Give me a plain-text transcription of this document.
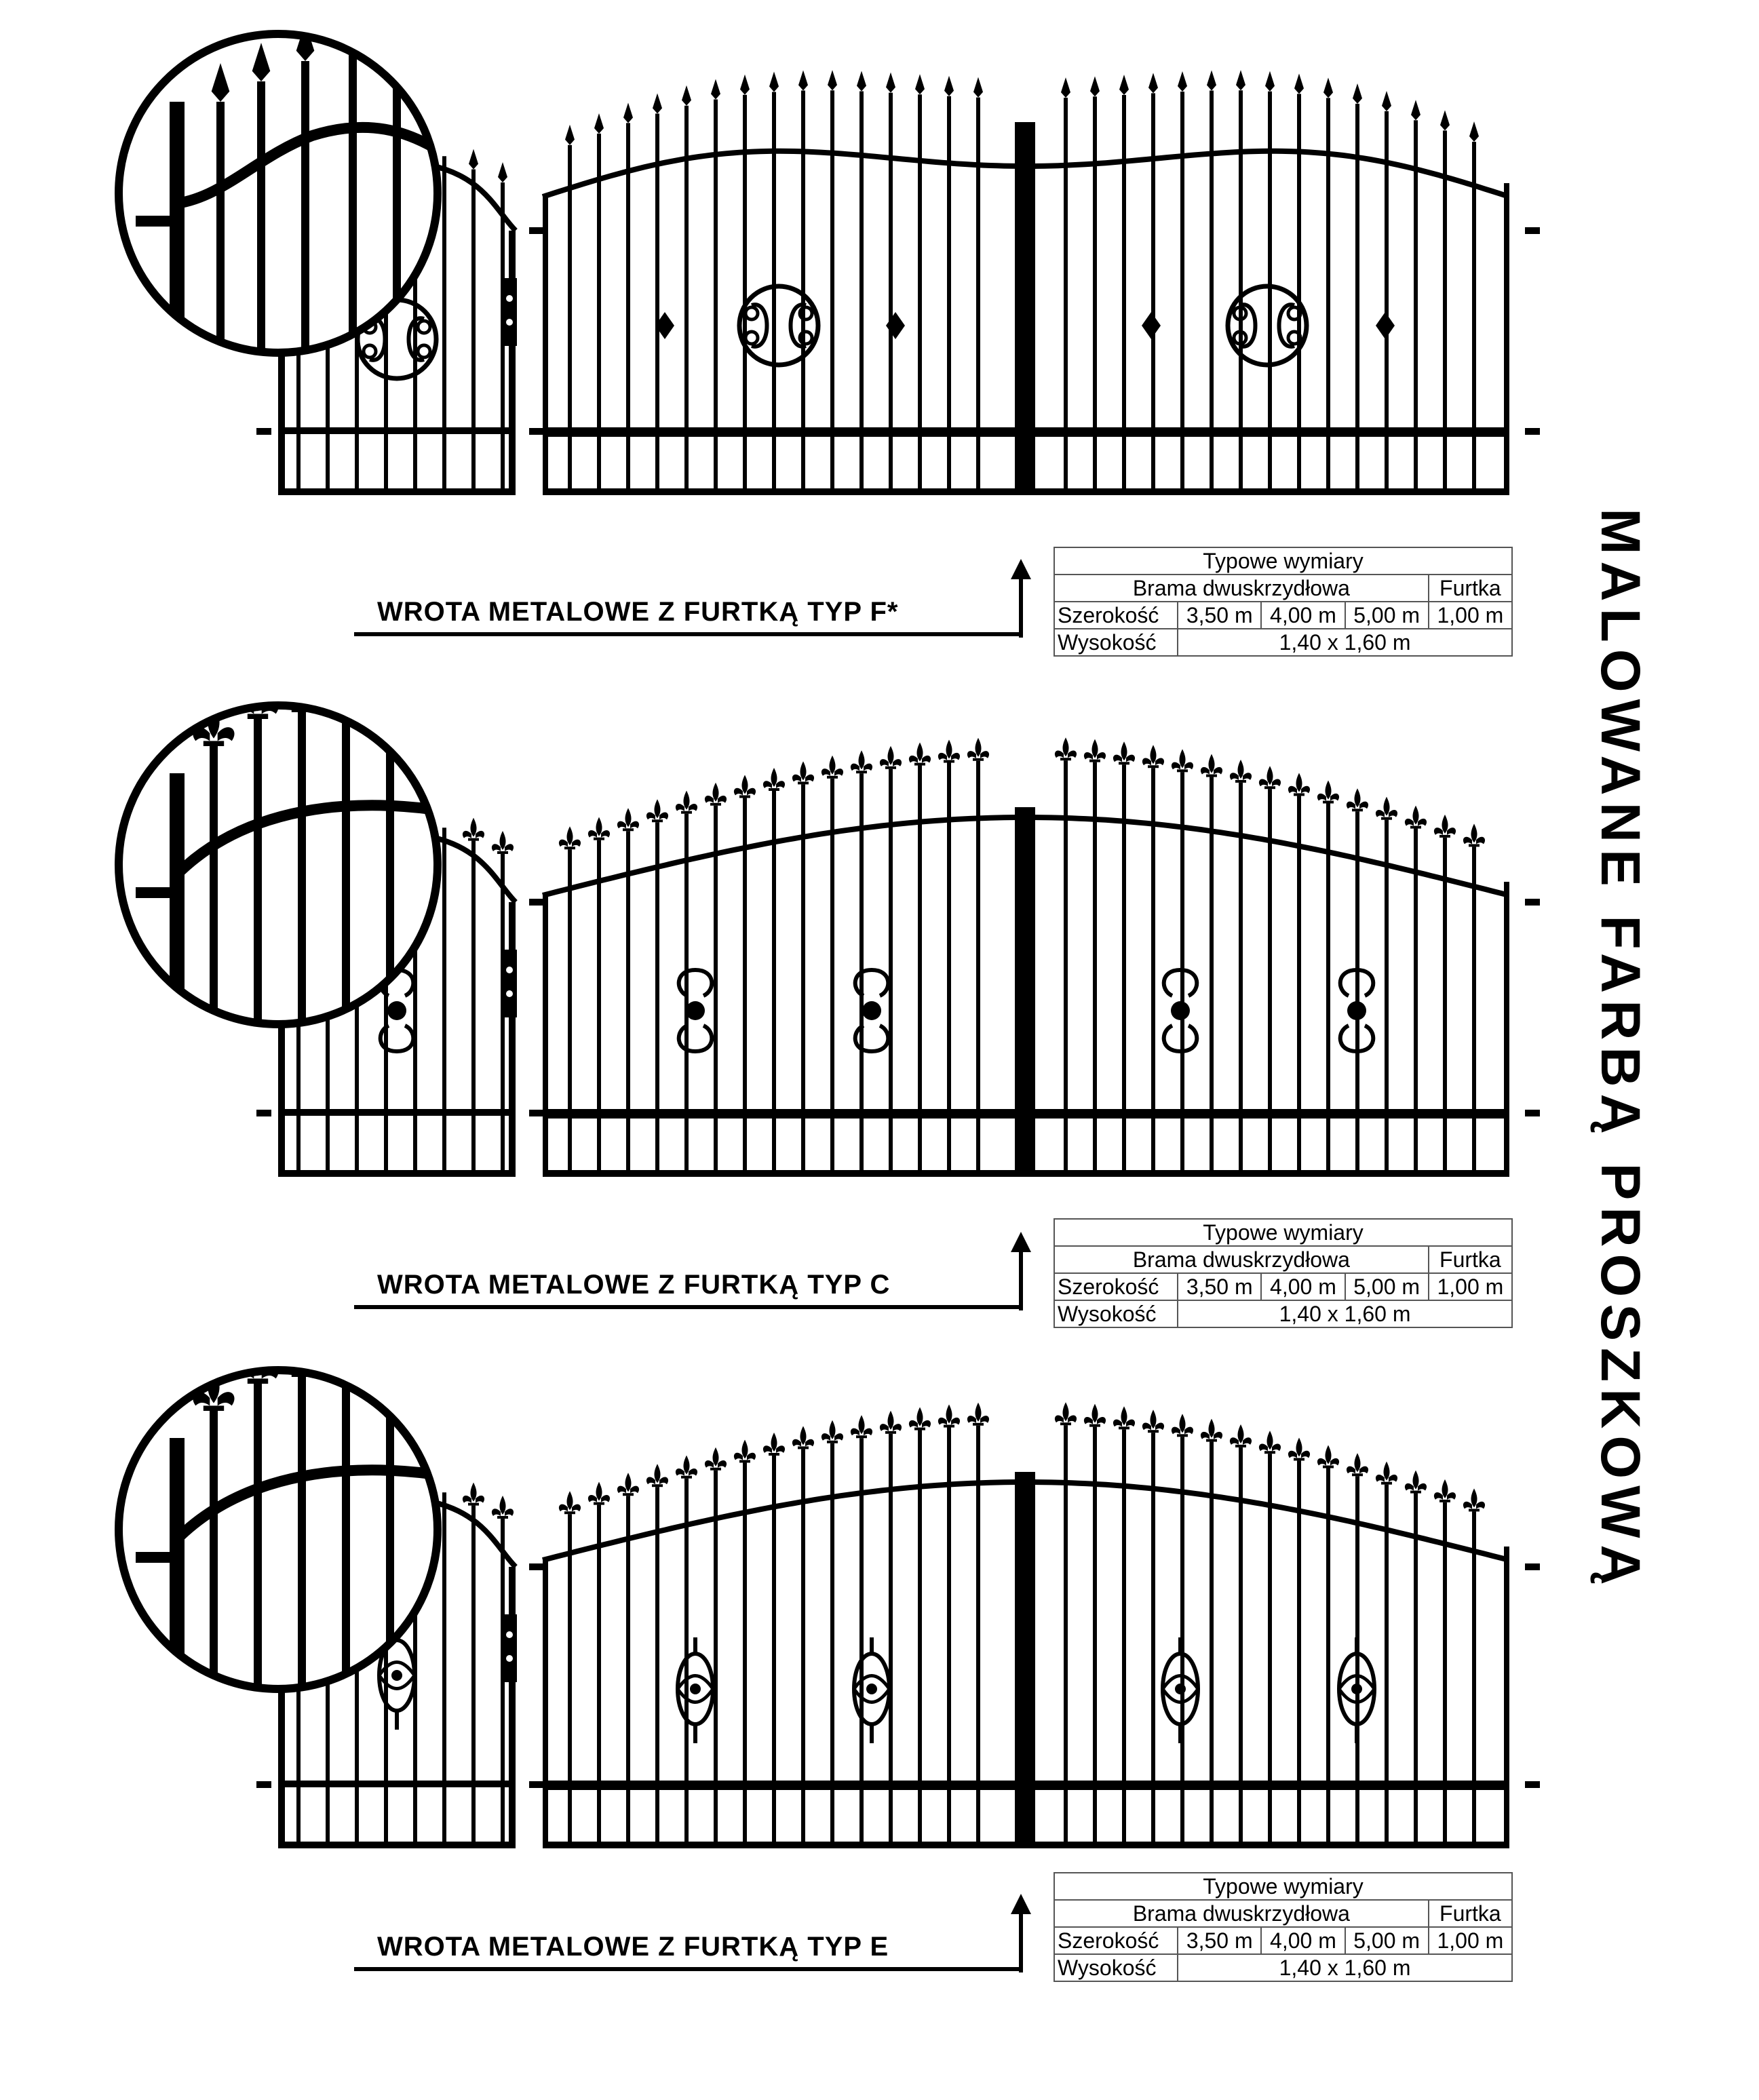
MALOWANE FARBĄ PROSZKOWĄ
WROTA METALOWE Z FURTKĄ TYP F*
Typowe wymiary				
Brama dwuskrzydłowa				Furtka
Szerokość	3,50 m	4,00 m	5,00 m	1,00 m
Wysokość	1,40 x 1,60 m			
WROTA METALOWE Z FURTKĄ TYP C
Typowe wymiary				
Brama dwuskrzydłowa				Furtka
Szerokość	3,50 m	4,00 m	5,00 m	1,00 m
Wysokość	1,40 x 1,60 m			
WROTA METALOWE Z FURTKĄ TYP E
Typowe wymiary				
Brama dwuskrzydłowa				Furtka
Szerokość	3,50 m	4,00 m	5,00 m	1,00 m
Wysokość	1,40 x 1,60 m			
